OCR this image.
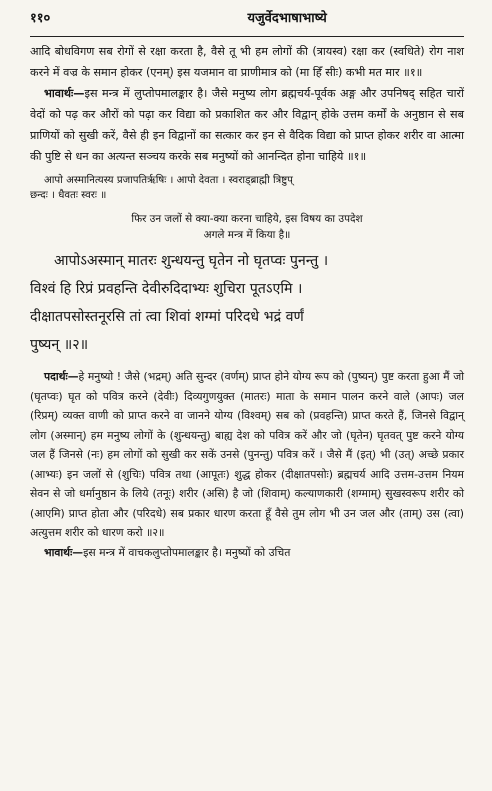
११०	यजुर्वेदभाषाभाष्ये

आदि बोधविगण सब रोगों से रक्षा करता है, वैसे तू भी हम लोगों की (त्रायस्व) रक्षा कर (स्वधिते) रोग नाश करने में वज्र के समान होकर (एनम्) इस यजमान वा प्राणीमात्र को (मा हिँ सीः) कभी मत मार ॥१॥

भावार्थः—इस मन्त्र में लुप्तोपमालङ्कार है। जैसे मनुष्य लोग ब्रह्मचर्य-पूर्वक अङ्ग और उपनिषद् सहित चारों वेदों को पढ़ कर औरों को पढ़ा कर विद्या को प्रकाशित कर और विद्वान् होके उत्तम कर्मों के अनुष्ठान से सब प्राणियों को सुखी करें, वैसे ही इन विद्वानों का सत्कार कर इन से वैदिक विद्या को प्राप्त होकर शरीर वा आत्मा की पुष्टि से धन का अत्यन्त सञ्चय करके सब मनुष्यों को आनन्दित होना चाहिये ॥१॥

आपो अस्मानित्यस्य प्रजापतिर्ऋषिः । आपो देवता । स्वराड्ब्राह्मी त्रिष्टुप्
छन्दः । धैवतः स्वरः ॥
फिर उन जलों से क्या-क्या करना चाहिये, इस विषय का उपदेश
अगले मन्त्र में किया है॥
आपोऽअस्मान् मातरः शुन्धयन्तु घृतेन नो घृतप्वः पुनन्तु ।
विश्वं हि रिप्रं प्रवहन्ति देवीरुदिदाभ्यः शुचिरा पूतऽएमि ।
दीक्षातपसोस्तनूरसि तां त्वा शिवां शग्मां परिदधे भद्रं वर्णं
पुष्यन् ॥२॥

पदार्थः—हे मनुष्यो ! जैसे (भद्रम्) अति सुन्दर (वर्णम्) प्राप्त होने योग्य रूप को (पुष्यन्) पुष्ट करता हुआ मैं जो (घृतप्वः) घृत को पवित्र करने (देवीः) दिव्यगुणयुक्त (मातरः) माता के समान पालन करने वाले (आपः) जल (रिप्रम्) व्यक्त वाणी को प्राप्त करने वा जानने योग्य (विश्वम्) सब को (प्रवहन्ति) प्राप्त करते हैं, जिनसे विद्वान् लोग (अस्मान्) हम मनुष्य लोगों के (शुन्धयन्तु) बाह्य देश को पवित्र करें और जो (घृतेन) घृतवत् पुष्ट करने योग्य जल हैं जिनसे (नः) हम लोगों को सुखी कर सकें उनसे (पुनन्तु) पवित्र करें । जैसे मैं (इत्) भी (उत्) अच्छे प्रकार (आभ्यः) इन जलों से (शुचिः) पवित्र तथा (आपूतः) शुद्ध होकर (दीक्षातपसोः) ब्रह्मचर्य आदि उत्तम-उत्तम नियम सेवन से जो धर्मानुष्ठान के लिये (तनूः) शरीर (असि) है जो (शिवाम्) कल्याणकारी (शग्माम्) सुखस्वरूप शरीर को (आएमि) प्राप्त होता और (परिदधे) सब प्रकार धारण करता हूँ वैसे तुम लोग भी उन जल और (ताम्) उस (त्वा) अत्युत्तम शरीर को धारण करो ॥२॥

भावार्थः—इस मन्त्र में वाचकलुप्तोपमालङ्कार है। मनुष्यों को उचित
